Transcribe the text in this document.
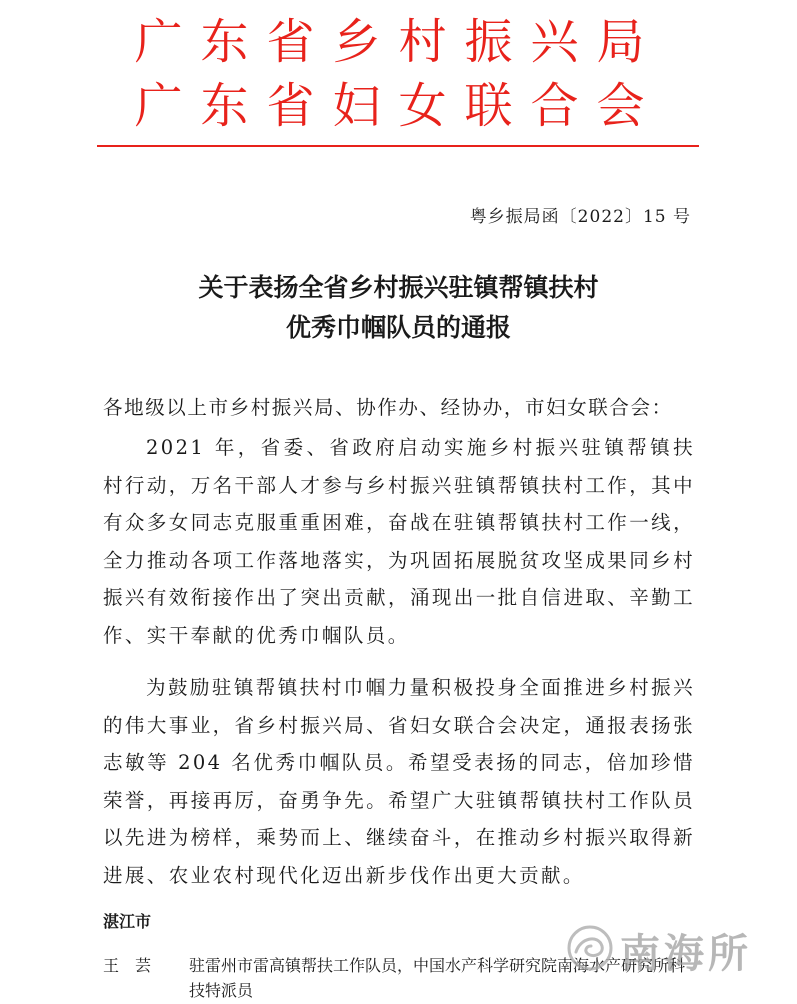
广东省乡村振兴局
广东省妇女联合会
粤乡振局函〔2022〕15 号
关于表扬全省乡村振兴驻镇帮镇扶村
优秀巾帼队员的通报
各地级以上市乡村振兴局、协作办、经协办，市妇女联合会：
2021 年，省委、省政府启动实施乡村振兴驻镇帮镇扶村行动，万名干部人才参与乡村振兴驻镇帮镇扶村工作，其中有众多女同志克服重重困难，奋战在驻镇帮镇扶村工作一线，全力推动各项工作落地落实，为巩固拓展脱贫攻坚成果同乡村振兴有效衔接作出了突出贡献，涌现出一批自信进取、辛勤工作、实干奉献的优秀巾帼队员。
为鼓励驻镇帮镇扶村巾帼力量积极投身全面推进乡村振兴的伟大事业，省乡村振兴局、省妇女联合会决定，通报表扬张志敏等 204 名优秀巾帼队员。希望受表扬的同志，倍加珍惜荣誉，再接再厉，奋勇争先。希望广大驻镇帮镇扶村工作队员以先进为榜样，乘势而上、继续奋斗，在推动乡村振兴取得新进展、农业农村现代化迈出新步伐作出更大贡献。
湛江市
王芸 驻雷州市雷高镇帮扶工作队员，中国水产科学研究院南海水产研究所科技特派员
南海所
